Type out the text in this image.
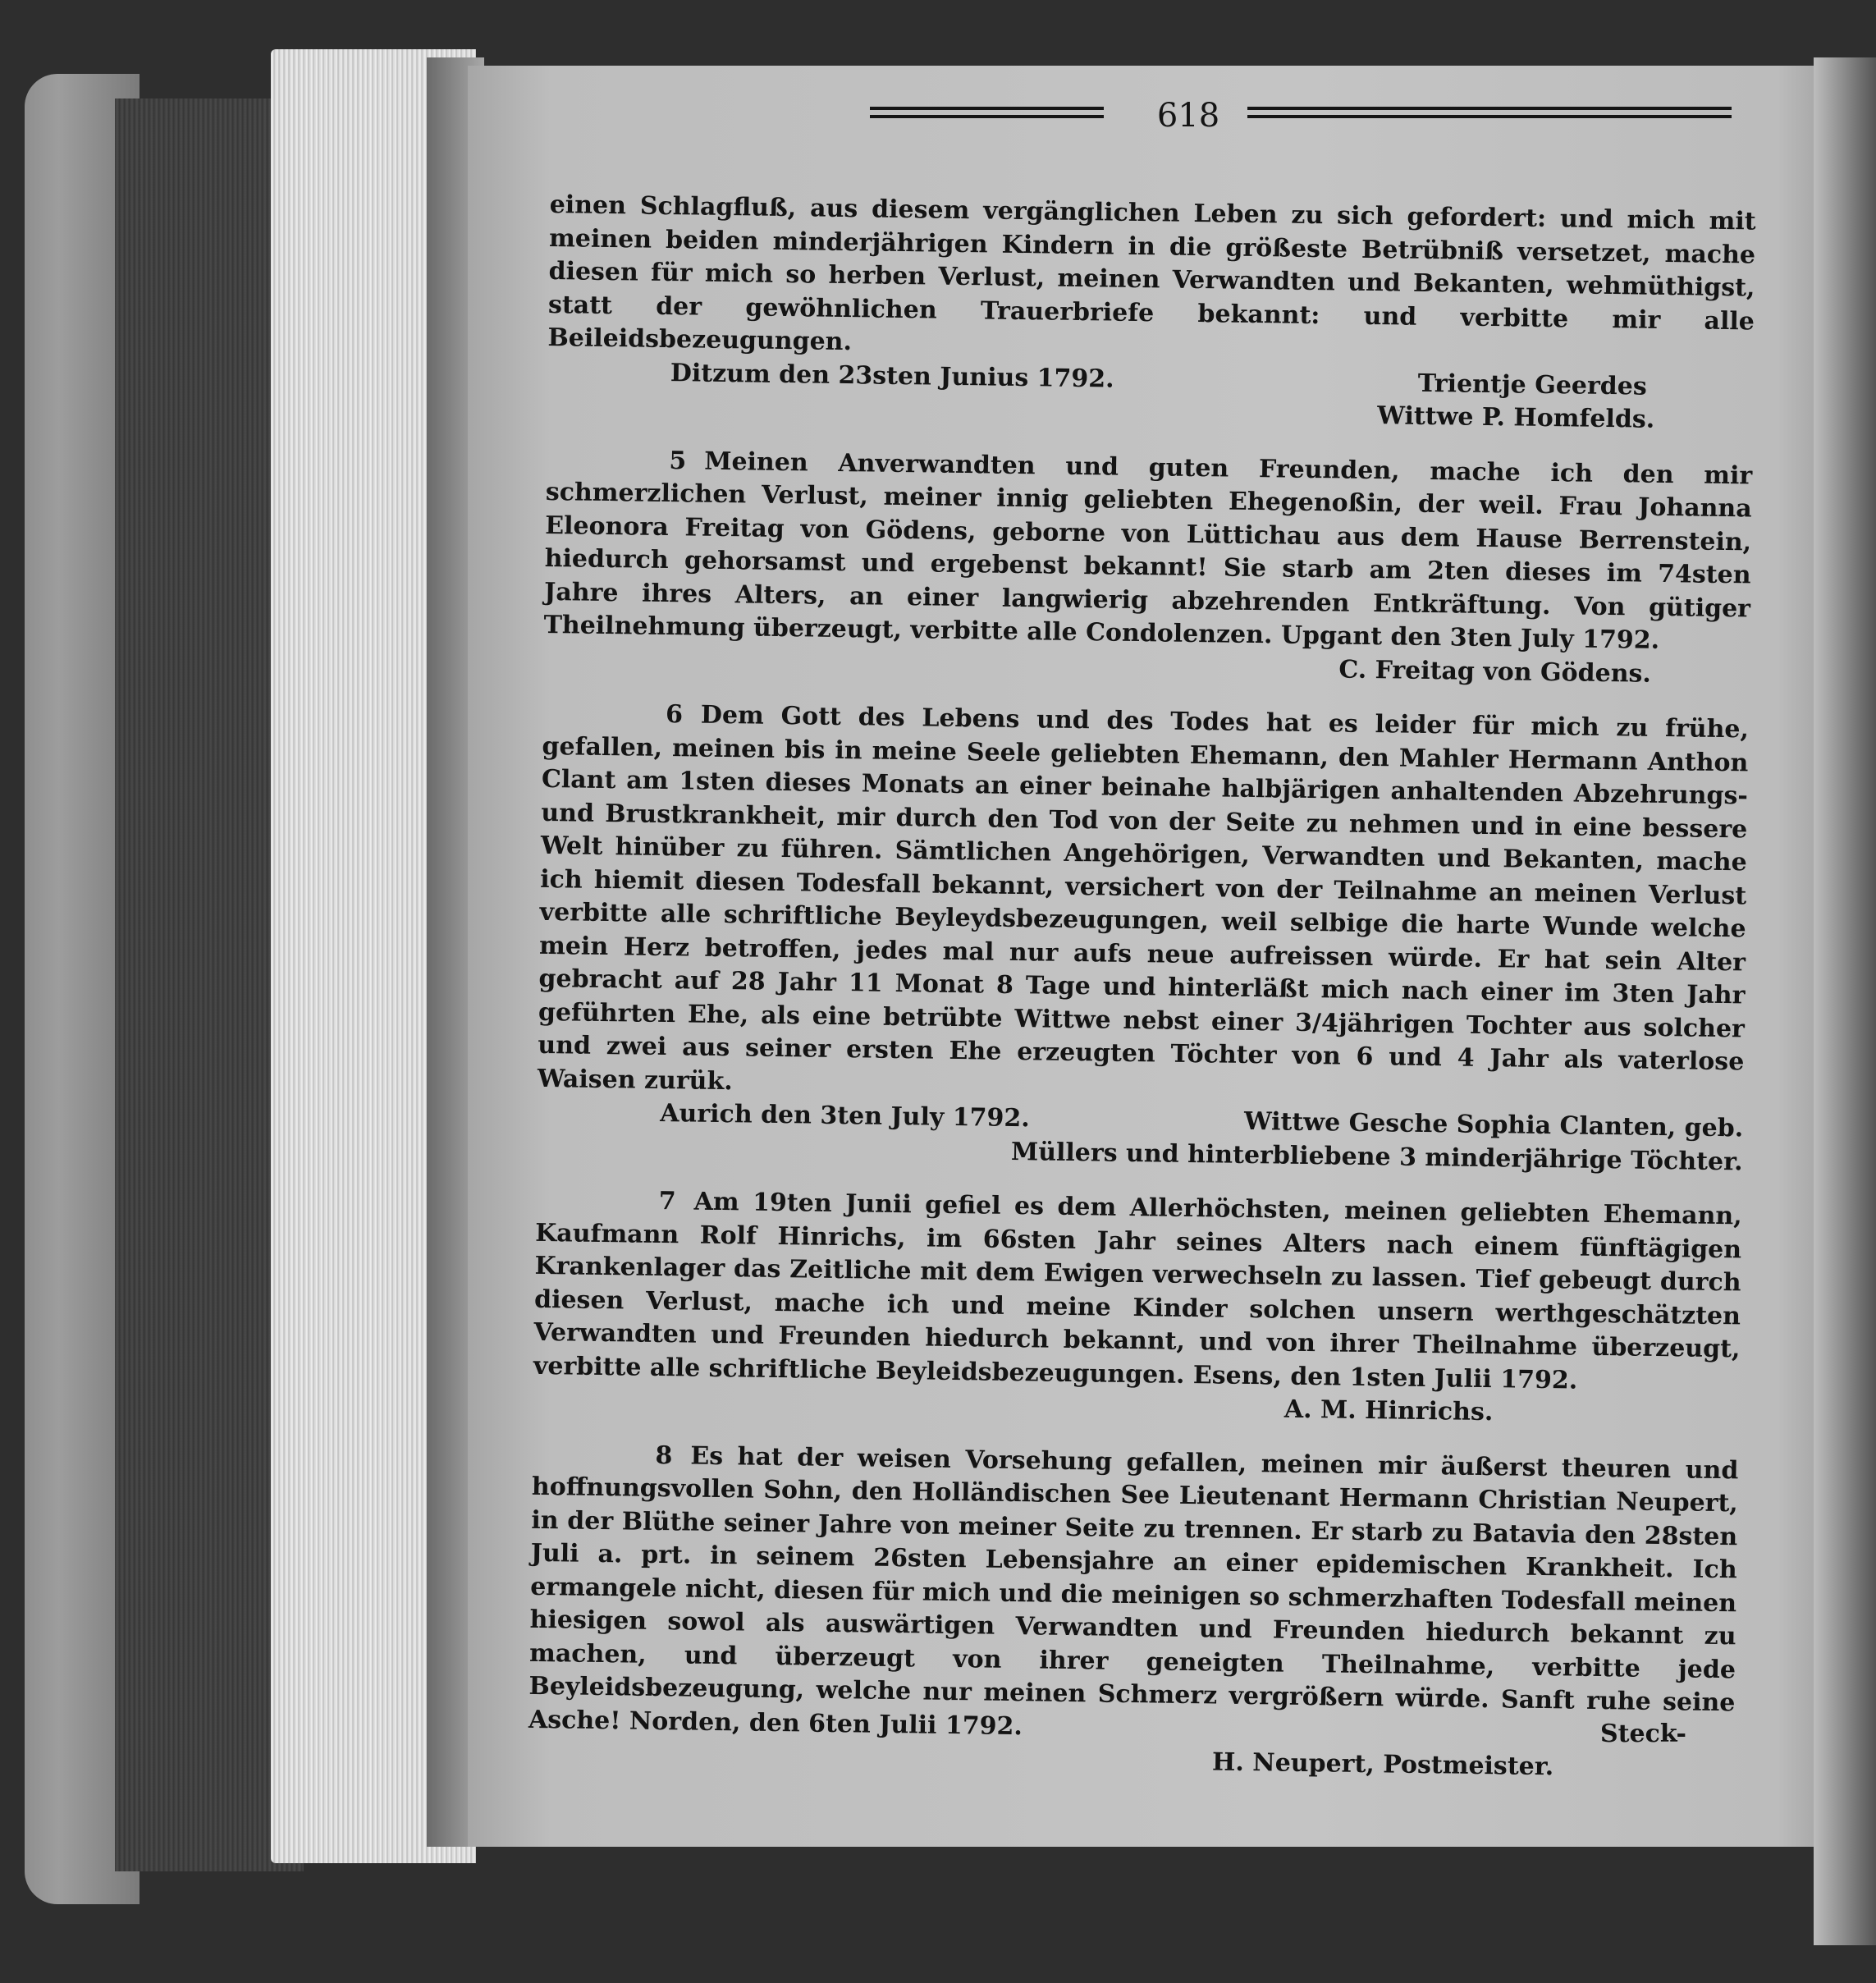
618
einen Schlagfluß, aus diesem vergänglichen Leben zu sich gefordert: und mich mit meinen beiden minderjährigen Kindern in die größeste Betrübniß versetzet, mache diesen für mich so herben Verlust, meinen Verwandten und Bekanten, wehmüthigst, statt der gewöhnlichen Trauerbriefe bekannt: und verbitte mir alle Beileidsbezeugungen.
Ditzum den 23sten Junius 1792.	Trientje Geerdes
Wittwe P. Homfelds.
5 Meinen Anverwandten und guten Freunden, mache ich den mir schmerzlichen Verlust, meiner innig geliebten Ehegenoßin, der weil. Frau Johanna Eleonora Freitag von Gödens, geborne von Lüttichau aus dem Hause Berrenstein, hiedurch gehorsamst und ergebenst bekannt! Sie starb am 2ten dieses im 74sten Jahre ihres Alters, an einer langwierig abzehrenden Entkräftung. Von gütiger Theilnehmung überzeugt, verbitte alle Condolenzen. Upgant den 3ten July 1792.
C. Freitag von Gödens.
6 Dem Gott des Lebens und des Todes hat es leider für mich zu frühe, gefallen, meinen bis in meine Seele geliebten Ehemann, den Mahler Hermann Anthon Clant am 1sten dieses Monats an einer beinahe halbjärigen anhaltenden Abzehrungs- und Brustkrankheit, mir durch den Tod von der Seite zu nehmen und in eine bessere Welt hinüber zu führen. Sämtlichen Angehörigen, Verwandten und Bekanten, mache ich hiemit diesen Todesfall bekannt, versichert von der Teilnahme an meinen Verlust verbitte alle schriftliche Beyleydsbezeugungen, weil selbige die harte Wunde welche mein Herz betroffen, jedes mal nur aufs neue aufreissen würde. Er hat sein Alter gebracht auf 28 Jahr 11 Monat 8 Tage und hinterläßt mich nach einer im 3ten Jahr geführten Ehe, als eine betrübte Wittwe nebst einer 3/4jährigen Tochter aus solcher und zwei aus seiner ersten Ehe erzeugten Töchter von 6 und 4 Jahr als vaterlose Waisen zurük.
Aurich den 3ten July 1792.	Wittwe Gesche Sophia Clanten, geb.
Müllers und hinterbliebene 3 minderjährige Töchter.
7 Am 19ten Junii gefiel es dem Allerhöchsten, meinen geliebten Ehemann, Kaufmann Rolf Hinrichs, im 66sten Jahr seines Alters nach einem fünftägigen Krankenlager das Zeitliche mit dem Ewigen verwechseln zu lassen. Tief gebeugt durch diesen Verlust, mache ich und meine Kinder solchen unsern werthgeschätzten Verwandten und Freunden hiedurch bekannt, und von ihrer Theilnahme überzeugt, verbitte alle schriftliche Beyleidsbezeugungen. Esens, den 1sten Julii 1792.
A. M. Hinrichs.
8 Es hat der weisen Vorsehung gefallen, meinen mir äußerst theuren und hoffnungsvollen Sohn, den Holländischen See Lieutenant Hermann Christian Neupert, in der Blüthe seiner Jahre von meiner Seite zu trennen. Er starb zu Batavia den 28sten Juli a. prt. in seinem 26sten Lebensjahre an einer epidemischen Krankheit. Ich ermangele nicht, diesen für mich und die meinigen so schmerzhaften Todesfall meinen hiesigen sowol als auswärtigen Verwandten und Freunden hiedurch bekannt zu machen, und überzeugt von ihrer geneigten Theilnahme, verbitte jede Beyleidsbezeugung, welche nur meinen Schmerz vergrößern würde. Sanft ruhe seine Asche! Norden, den 6ten Julii 1792.
H. Neupert, Postmeister.
Steck-
